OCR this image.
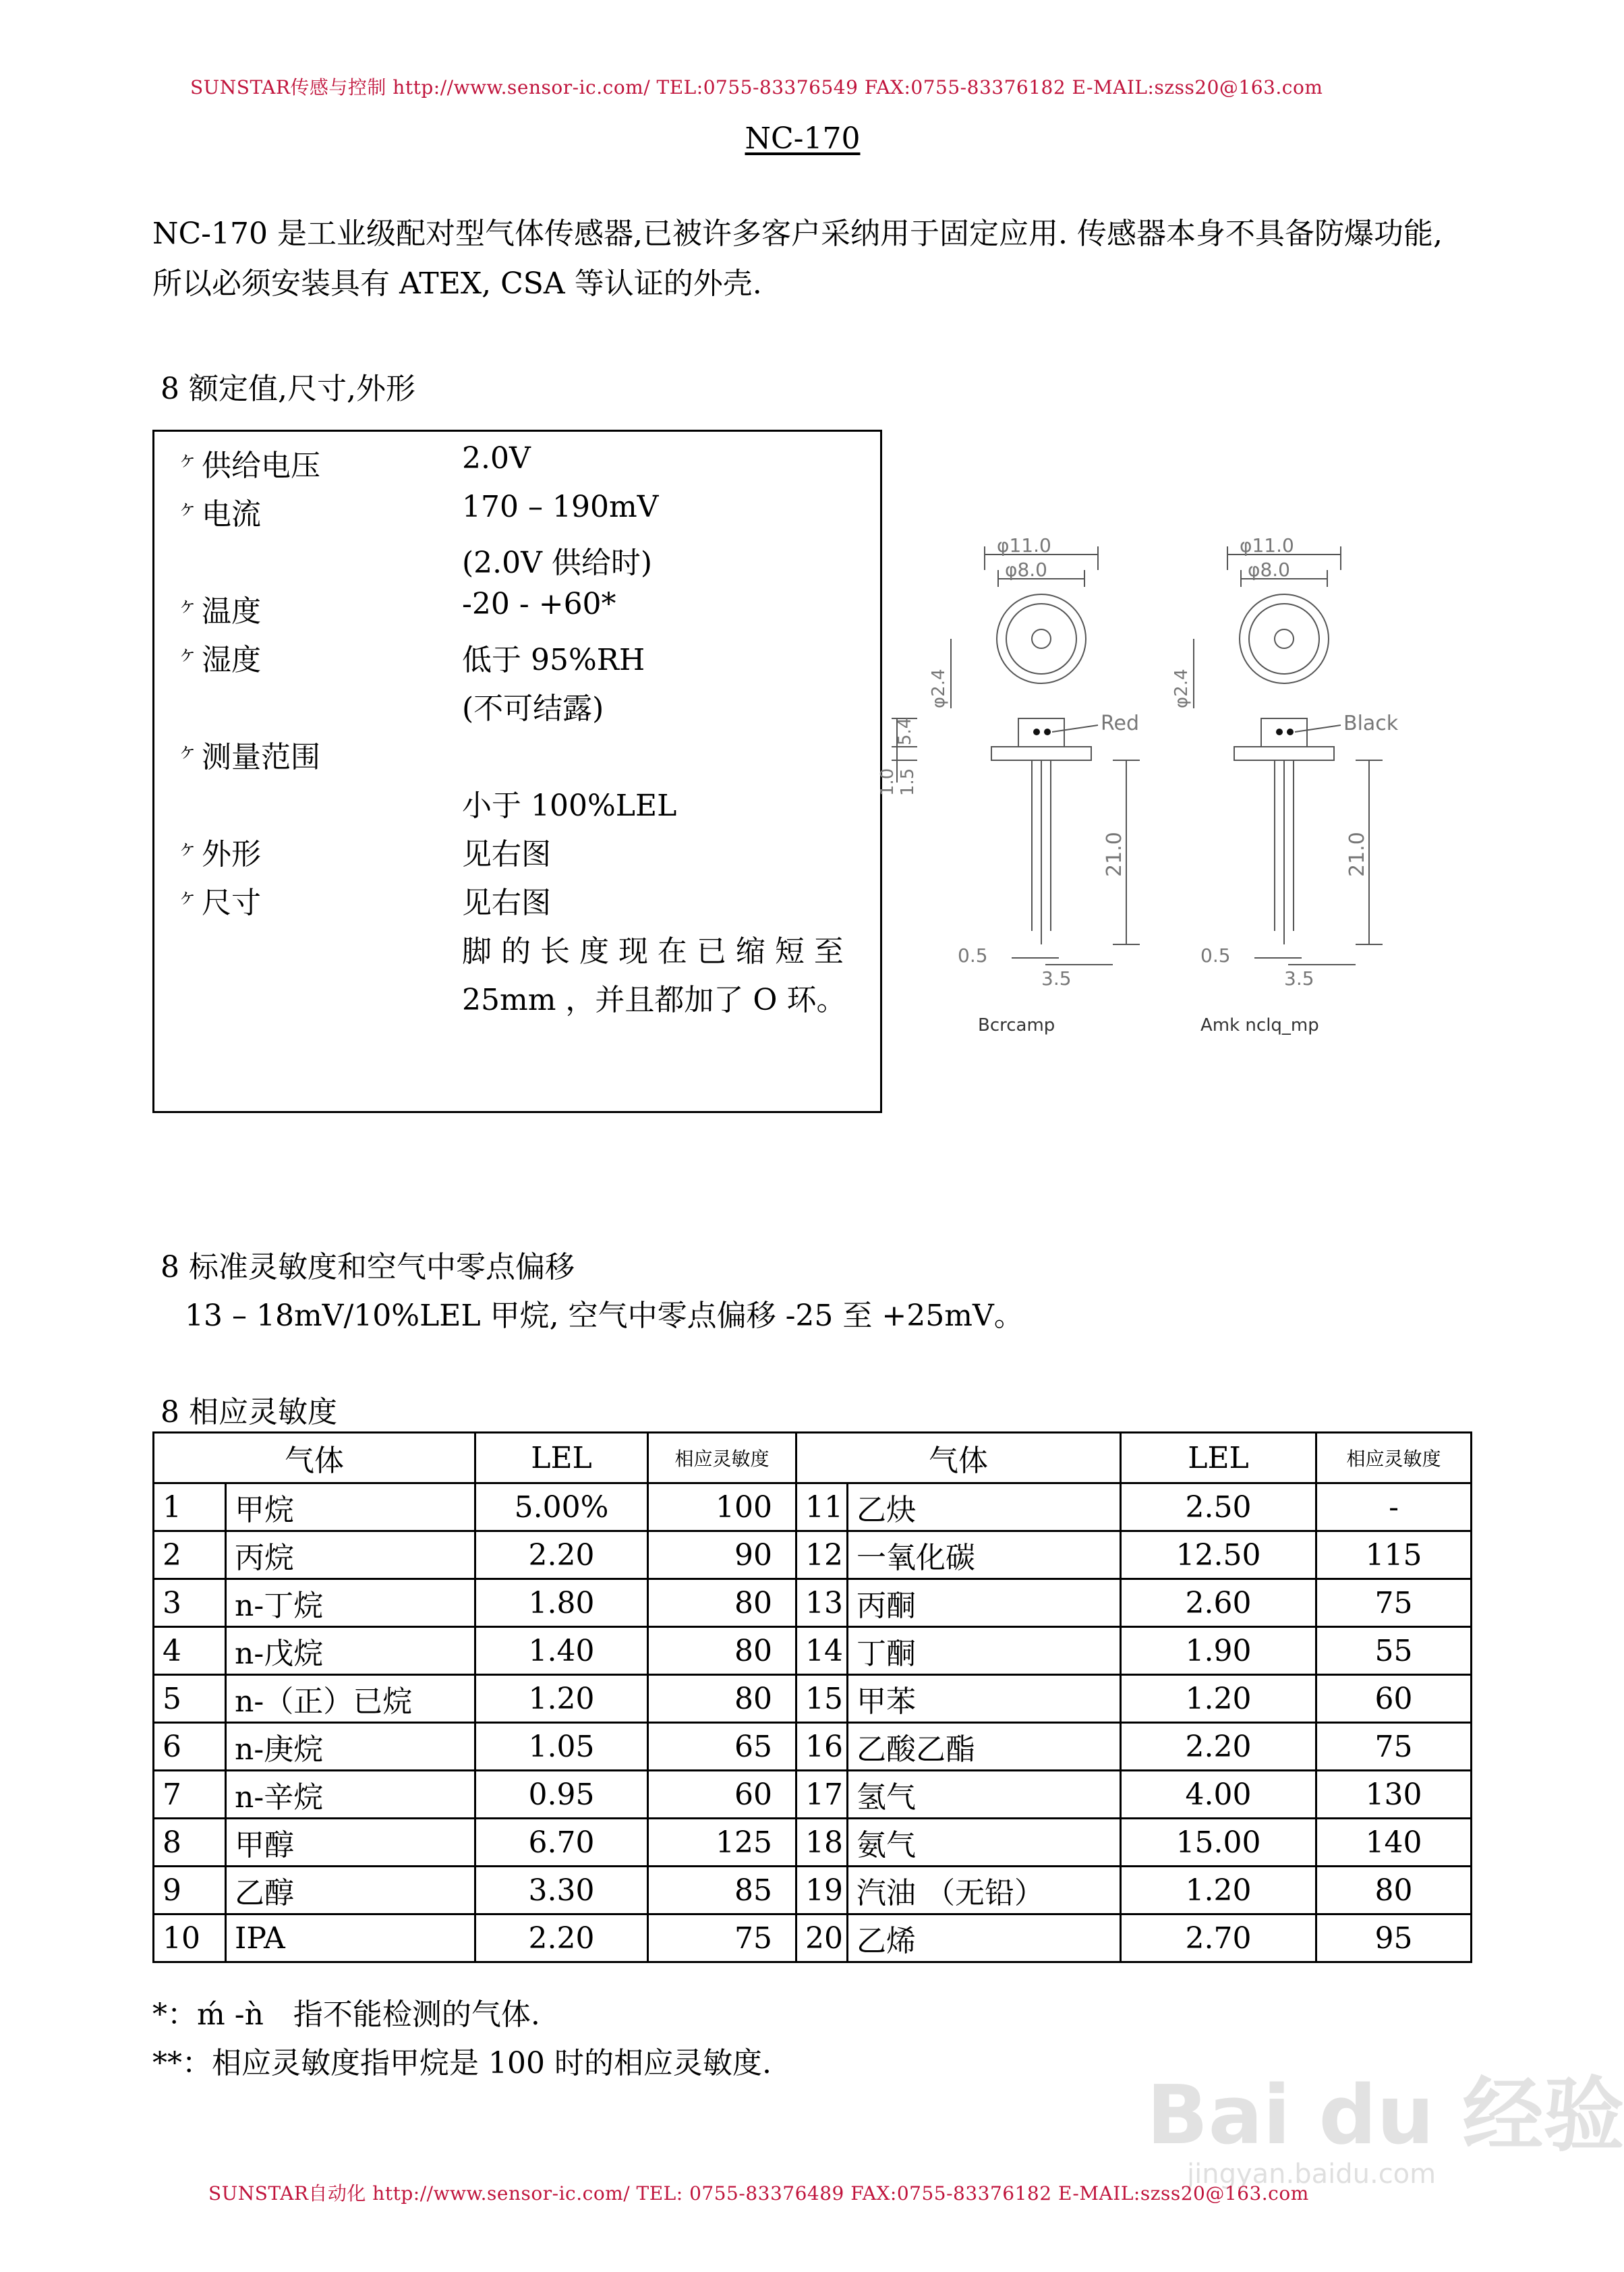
SUNSTAR传感与控制 http://www.sensor-ic.com/ TEL:0755-83376549 FAX:0755-83376182 E-MAIL:szss20@163.com
NC-170
NC-170 是工业级配对型气体传感器,已被许多客户采纳用于固定应用. 传感器本身不具备防爆功能, 所以必须安装具有 ATEX, CSA 等认证的外壳.
8 额定值,尺寸,外形
$^ヶ$ 供给电压	2.0V
$^ヶ$ 电流	170 – 190mV
(2.0V 供给时)
$^ヶ$ 温度	-20 - +60*
$^ヶ$ 湿度	低于 95%RH
(不可结露)
$^ヶ$ 测量范围
小于 100%LEL
$^ヶ$ 外形	见右图
$^ヶ$ 尺寸	见右图
脚 的 长 度 现 在 已 缩 短 至
25mm ，并且都加了 O 环。
φ11.0
φ8.0
φ2.4
5.4
1.0 1.5
21.0
0.5
3.5
Red
Bcrcamp
φ11.0
φ8.0
φ2.4
21.0
0.5
3.5
Black
Amk nclq_mp
8 标准灵敏度和空气中零点偏移
13 – 18mV/10%LEL 甲烷, 空气中零点偏移 -25 至 +25mV。
8 相应灵敏度
气体		LEL	相应灵敏度	气体		LEL	相应灵敏度
1	甲烷	5.00%	100	11	乙炔	2.50	-
2	丙烷	2.20	90	12	一氧化碳	12.50	115
3	n-丁烷	1.80	80	13	丙酮	2.60	75
4	n-戊烷	1.40	80	14	丁酮	1.90	55
5	n-（正）已烷	1.20	80	15	甲苯	1.20	60
6	n-庚烷	1.05	65	16	乙酸乙酯	2.20	75
7	n-辛烷	0.95	60	17	氢气	4.00	130
8	甲醇	6.70	125	18	氨气	15.00	140
9	乙醇	3.30	85	19	汽油 （无铅）	1.20	80
10	IPA	2.20	75	20	乙烯	2.70	95
*：ḿ -ǹ　指不能检测的气体.
**：相应灵敏度指甲烷是 100 时的相应灵敏度.
Bai du 经验
jingyan.baidu.com
SUNSTAR自动化 http://www.sensor-ic.com/ TEL: 0755-83376489 FAX:0755-83376182 E-MAIL:szss20@163.com
